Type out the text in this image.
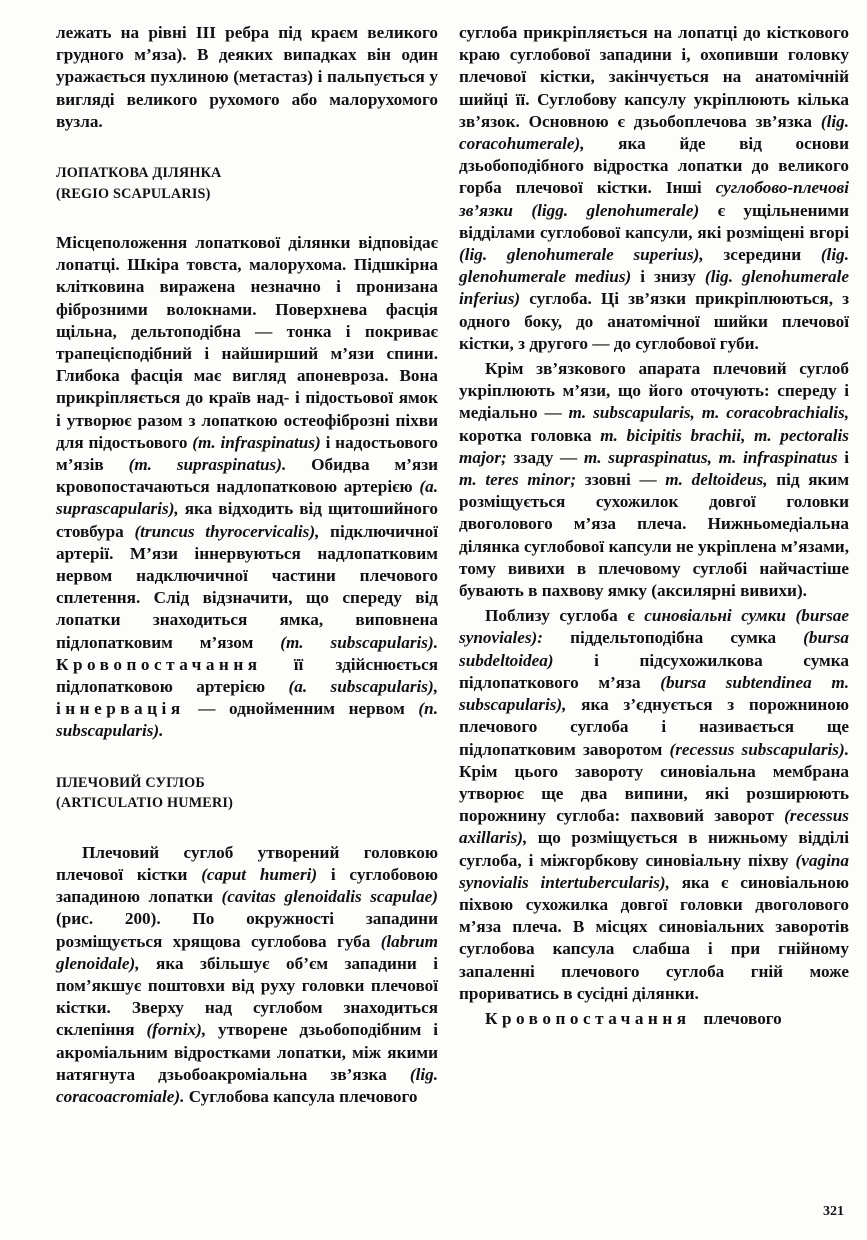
лежать на рівні III ребра під краєм великого грудного м’яза). В деяких випадках він один уражається пухлиною (метастаз) і пальпується у вигляді великого рухомого або малорухомого вузла.

ЛОПАТКОВА ДІЛЯНКА
(REGIO SCAPULARIS)

Місцеположення лопаткової ділянки відповідає лопатці. Шкіра товста, малорухома. Підшкірна клітковина виражена незначно і пронизана фіброзними волокнами. Поверхнева фасція щільна, дельтоподібна — тонка і покриває трапецієподібний і найширший м’язи спини. Глибока фасція має вигляд апоневроза. Вона прикріпляється до країв над- і підостьової ямок і утворює разом з лопаткою остеофіброзні піхви для підостьового (m. infraspinatus) і надостьового м’язів (m. supraspinatus). Обидва м’язи кровопостачаються надлопатковою артерією (a. suprascapularis), яка відходить від щитошийного стовбура (truncus thyrocervicalis), підключичної артерії. М’язи іннервуються надлопатковим нервом надключичної частини плечового сплетення. Слід відзначити, що спереду від лопатки знаходиться ямка, виповнена підлопатковим м’язом (m. subscapularis). Кровопостачання її здійснюється підлопатковою артерією (a. subscapularis), іннервація — однойменним нервом (n. subscapularis).

ПЛЕЧОВИЙ СУГЛОБ
(ARTICULATIO HUMERI)

Плечовий суглоб утворений головкою плечової кістки (caput humeri) і суглобовою западиною лопатки (cavitas glenoidalis scapulae) (рис. 200). По окружності западини розміщується хрящова суглобова губа (labrum glenoidale), яка збільшує об’єм западини і пом’якшує поштовхи від руху головки плечової кістки. Зверху над суглобом знаходиться склепіння (fornix), утворене дзьобоподібним і акроміальним відростками лопатки, між якими натягнута дзьобоакроміальна зв’язка (lig. coracoacromiale). Суглобова капсула плечового

суглоба прикріпляється на лопатці до кісткового краю суглобової западини і, охопивши головку плечової кістки, закінчується на анатомічній шийці її. Суглобову капсулу укріплюють кілька зв’язок. Основною є дзьобоплечова зв’язка (lig. coracohumerale), яка йде від основи дзьобоподібного відростка лопатки до великого горба плечової кістки. Інші суглобово-плечові зв’язки (ligg. glenohumerale) є ущільненими відділами суглобової капсули, які розміщені вгорі (lig. glenohumerale superius), зсередини (lig. glenohumerale medius) і знизу (lig. glenohumerale inferius) суглоба. Ці зв’язки прикріплюються, з одного боку, до анатомічної шийки плечової кістки, з другого — до суглобової губи.

Крім зв’язкового апарата плечовий суглоб укріплюють м’язи, що його оточують: спереду і медіально — m. subscapularis, m. coracobrachialis, коротка головка m. bicipitis brachii, m. pectoralis major; ззаду — m. supraspinatus, m. infraspinatus і m. teres minor; ззовні — m. deltoideus, під яким розміщується сухожилок довгої головки двоголового м’яза плеча. Нижньомедіальна ділянка суглобової капсули не укріплена м’язами, тому вивихи в плечовому суглобі найчастіше бувають в пахвову ямку (аксилярні вивихи).

Поблизу суглоба є синовіальні сумки (bursae synoviales): піддельтоподібна сумка (bursa subdeltoidea) і підсухожилкова сумка підлопаткового м’яза (bursa subtendinea m. subscapularis), яка з’єднується з порожниною плечового суглоба і називається ще підлопатковим заворотом (recessus subscapularis). Крім цього завороту синовіальна мембрана утворює ще два випини, які розширюють порожнину суглоба: пахвовий заворот (recessus axillaris), що розміщується в нижньому відділі суглоба, і міжгорбкову синовіальну піхву (vagina synovialis intertubercularis), яка є синовіальною піхвою сухожилка довгої головки двоголового м’яза плеча. В місцях синовіальних заворотів суглобова капсула слабша і при гнійному запаленні плечового суглоба гній може прориватись в сусідні ділянки.

Кровопостачання плечового

321
